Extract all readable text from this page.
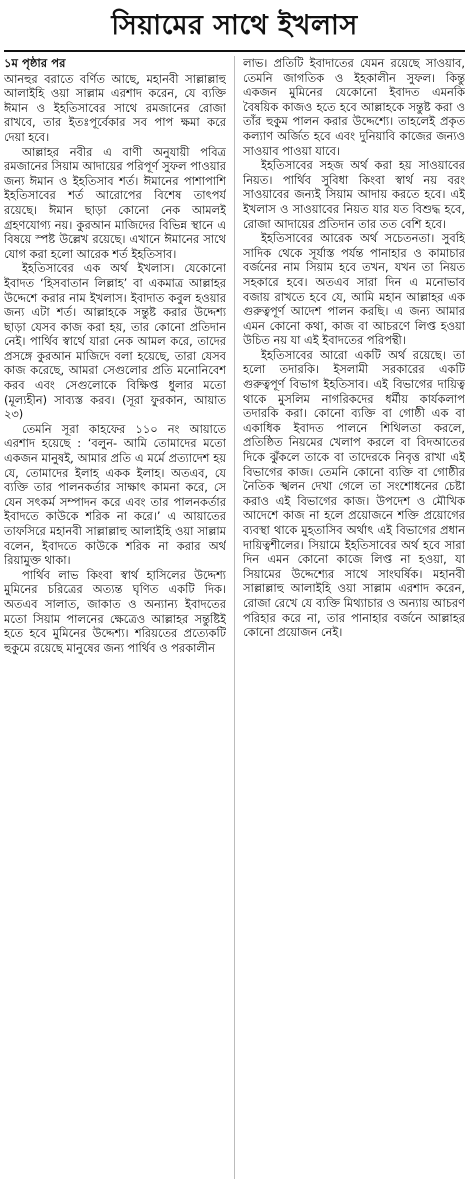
সিয়ামের সাথে ইখলাস
১ম পৃষ্ঠার পর

আনহুর বরাতে বর্ণিত আছে, মহানবী সাল্লাল্লাহু আলাইহি ওয়া সাল্লাম এরশাদ করেন, যে ব্যক্তি ঈমান ও ইহতিসাবের সাথে রমজানের রোজা রাখবে, তার ইতঃপূর্বেকার সব পাপ ক্ষমা করে দেয়া হবে।

আল্লাহর নবীর এ বাণী অনুযায়ী পবিত্র রমজানের সিয়াম আদায়ের পরিপূর্ণ সুফল পাওয়ার জন্য ঈমান ও ইহতিসাব শর্ত। ঈমানের পাশাপাশি ইহতিসাবের শর্ত আরোপের বিশেষ তাৎপর্য রয়েছে। ঈমান ছাড়া কোনো নেক আমলই গ্রহণযোগ্য নয়। কুরআন মাজিদের বিভিন্ন স্থানে এ বিষয়ে স্পষ্ট উল্লেখ রয়েছে। এখানে ঈমানের সাথে যোগ করা হলো আরেক শর্ত ইহতিসাব।

ইহতিসাবের এক অর্থ ইখলাস। যেকোনো ইবাদত ‘হিসবাতান লিল্লাহ’ বা একমাত্র আল্লাহর উদ্দেশে করার নাম ইখলাস। ইবাদাত কবুল হওয়ার জন্য এটা শর্ত। আল্লাহকে সন্তুষ্ট করার উদ্দেশ্য ছাড়া যেসব কাজ করা হয়, তার কোনো প্রতিদান নেই। পার্থিব স্বার্থে যারা নেক আমল করে, তাদের প্রসঙ্গে কুরআন মাজিদে বলা হয়েছে, তারা যেসব কাজ করেছে, আমরা সেগুলোর প্রতি মনোনিবেশ করব এবং সেগুলোকে বিক্ষিপ্ত ধুলার মতো (মূল্যহীন) সাব্যস্ত করব। (সূরা ফুরকান, আয়াত ২৩)

তেমনি সূরা কাহফের ১১০ নং আয়াতে এরশাদ হয়েছে : ‘বলুন- আমি তোমাদের মতো একজন মানুষই, আমার প্রতি এ মর্মে প্রত্যাদেশ হয় যে, তোমাদের ইলাহ একক ইলাহ। অতএব, যে ব্যক্তি তার পালনকর্তার সাক্ষাৎ কামনা করে, সে যেন সৎকর্ম সম্পাদন করে এবং তার পালনকর্তার ইবাদতে কাউকে শরিক না করে।’ এ আয়াতের তাফসিরে মহানবী সাল্লাল্লাহু আলাইহি ওয়া সাল্লাম বলেন, ইবাদতে কাউকে শরিক না করার অর্থ রিয়ামুক্ত থাকা।

পার্থিব লাভ কিংবা স্বার্থ হাসিলের উদ্দেশ্য মুমিনের চরিত্রের অত্যন্ত ঘৃণিত একটি দিক। অতএব সালাত, জাকাত ও অন্যান্য ইবাদতের মতো সিয়াম পালনের ক্ষেত্রেও আল্লাহর সন্তুষ্টিই হতে হবে মুমিনের উদ্দেশ্য। শরিয়তের প্রত্যেকটি হুকুমে রয়েছে মানুষের জন্য পার্থিব ও পরকালীন

লাভ। প্রতিটি ইবাদাতের যেমন রয়েছে সাওয়াব, তেমনি জাগতিক ও ইহকালীন সুফল। কিন্তু একজন মুমিনের যেকোনো ইবাদত এমনকি বৈষয়িক কাজও হতে হবে আল্লাহকে সন্তুষ্ট করা ও তাঁর হুকুম পালন করার উদ্দেশ্যে। তাহলেই প্রকৃত কল্যাণ অর্জিত হবে এবং দুনিয়াবি কাজের জন্যও সাওয়াব পাওয়া যাবে।

ইহতিসাবের সহজ অর্থ করা হয় সাওয়াবের নিয়ত। পার্থিব সুবিধা কিংবা স্বার্থ নয় বরং সাওয়াবের জন্যই সিয়াম আদায় করতে হবে। এই ইখলাস ও সাওয়াবের নিয়ত যার যত বিশুদ্ধ হবে, রোজা আদায়ের প্রতিদান তার তত বেশি হবে।

ইহতিসাবের আরেক অর্থ সচেতনতা। সুবহি সাদিক থেকে সূর্যাস্ত পর্যন্ত পানাহার ও কামাচার বর্জনের নাম সিয়াম হবে তখন, যখন তা নিয়ত সহকারে হবে। অতএব সারা দিন এ মনোভাব বজায় রাখতে হবে যে, আমি মহান আল্লাহর এক গুরুত্বপূর্ণ আদেশ পালন করছি। এ জন্য আমার এমন কোনো কথা, কাজ বা আচরণে লিপ্ত হওয়া উচিত নয় যা এই ইবাদতের পরিপন্থী।

ইহতিসাবের আরো একটি অর্থ রয়েছে। তা হলো তদারকি। ইসলামী সরকারের একটি গুরুত্বপূর্ণ বিভাগ ইহতিসাব। এই বিভাগের দায়িত্ব থাকে মুসলিম নাগরিকদের ধর্মীয় কার্যকলাপ তদারকি করা। কোনো ব্যক্তি বা গোষ্ঠী এক বা একাধিক ইবাদত পালনে শিথিলতা করলে, প্রতিষ্ঠিত নিয়মের খেলাপ করলে বা বিদআতের দিকে ঝুঁকলে তাকে বা তাদেরকে নিবৃত্ত রাখা এই বিভাগের কাজ। তেমনি কোনো ব্যক্তি বা গোষ্ঠীর নৈতিক স্খলন দেখা গেলে তা সংশোধনের চেষ্টা করাও এই বিভাগের কাজ। উপদেশ ও মৌখিক আদেশে কাজ না হলে প্রয়োজনে শক্তি প্রয়োগের ব্যবস্থা থাকে মুহতাসিব অর্থাৎ এই বিভাগের প্রধান দায়িত্বশীলের। সিয়ামে ইহতিসাবের অর্থ হবে সারা দিন এমন কোনো কাজে লিপ্ত না হওয়া, যা সিয়ামের উদ্দেশ্যের সাথে সাংঘর্ষিক। মহানবী সাল্লাল্লাহু আলাইহি ওয়া সাল্লাম এরশাদ করেন, রোজা রেখে যে ব্যক্তি মিথ্যাচার ও অন্যায় আচরণ পরিহার করে না, তার পানাহার বর্জনে আল্লাহর কোনো প্রয়োজন নেই।
